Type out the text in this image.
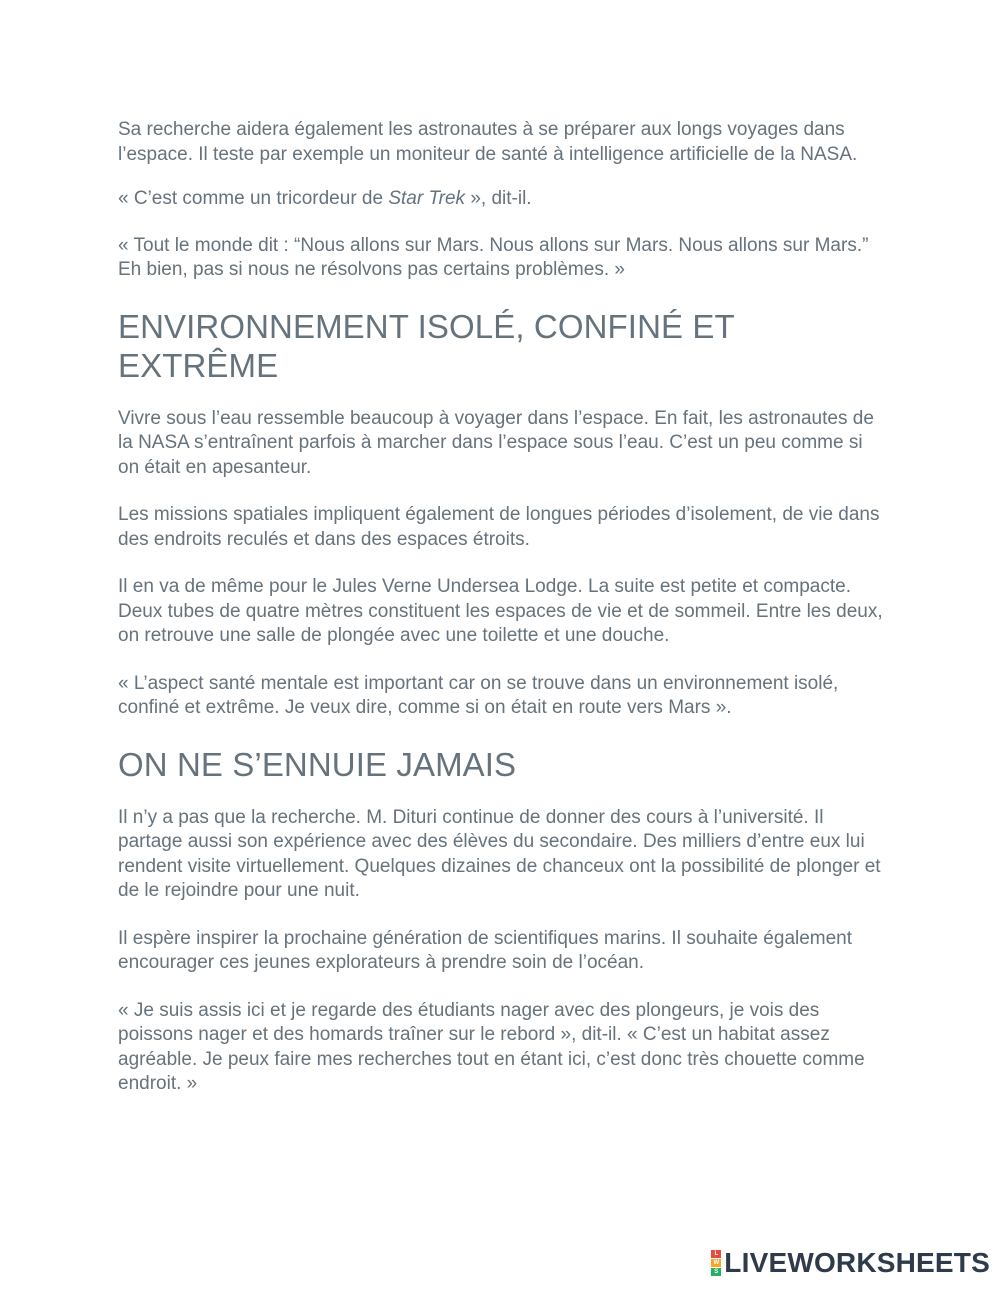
Sa recherche aidera également les astronautes à se préparer aux longs voyages dans l’espace. Il teste par exemple un moniteur de santé à intelligence artificielle de la NASA.

« C’est comme un tricordeur de Star Trek », dit-il.

« Tout le monde dit : “Nous allons sur Mars. Nous allons sur Mars. Nous allons sur Mars.” Eh bien, pas si nous ne résolvons pas certains problèmes. »

ENVIRONNEMENT ISOLÉ, CONFINÉ ET EXTRÊME

Vivre sous l’eau ressemble beaucoup à voyager dans l’espace. En fait, les astronautes de la NASA s’entraînent parfois à marcher dans l’espace sous l’eau. C’est un peu comme si on était en apesanteur.

Les missions spatiales impliquent également de longues périodes d’isolement, de vie dans des endroits reculés et dans des espaces étroits.

Il en va de même pour le Jules Verne Undersea Lodge. La suite est petite et compacte. Deux tubes de quatre mètres constituent les espaces de vie et de sommeil. Entre les deux, on retrouve une salle de plongée avec une toilette et une douche.

« L’aspect santé mentale est important car on se trouve dans un environnement isolé, confiné et extrême. Je veux dire, comme si on était en route vers Mars ».

ON NE S’ENNUIE JAMAIS

Il n’y a pas que la recherche. M. Dituri continue de donner des cours à l’université. Il partage aussi son expérience avec des élèves du secondaire. Des milliers d’entre eux lui rendent visite virtuellement. Quelques dizaines de chanceux ont la possibilité de plonger et de le rejoindre pour une nuit.

Il espère inspirer la prochaine génération de scientifiques marins. Il souhaite également encourager ces jeunes explorateurs à prendre soin de l’océan.

« Je suis assis ici et je regarde des étudiants nager avec des plongeurs, je vois des poissons nager et des homards traîner sur le rebord », dit-il. « C’est un habitat assez agréable. Je peux faire mes recherches tout en étant ici, c’est donc très chouette comme endroit. »

L
W
S LIVEWORKSHEETS
